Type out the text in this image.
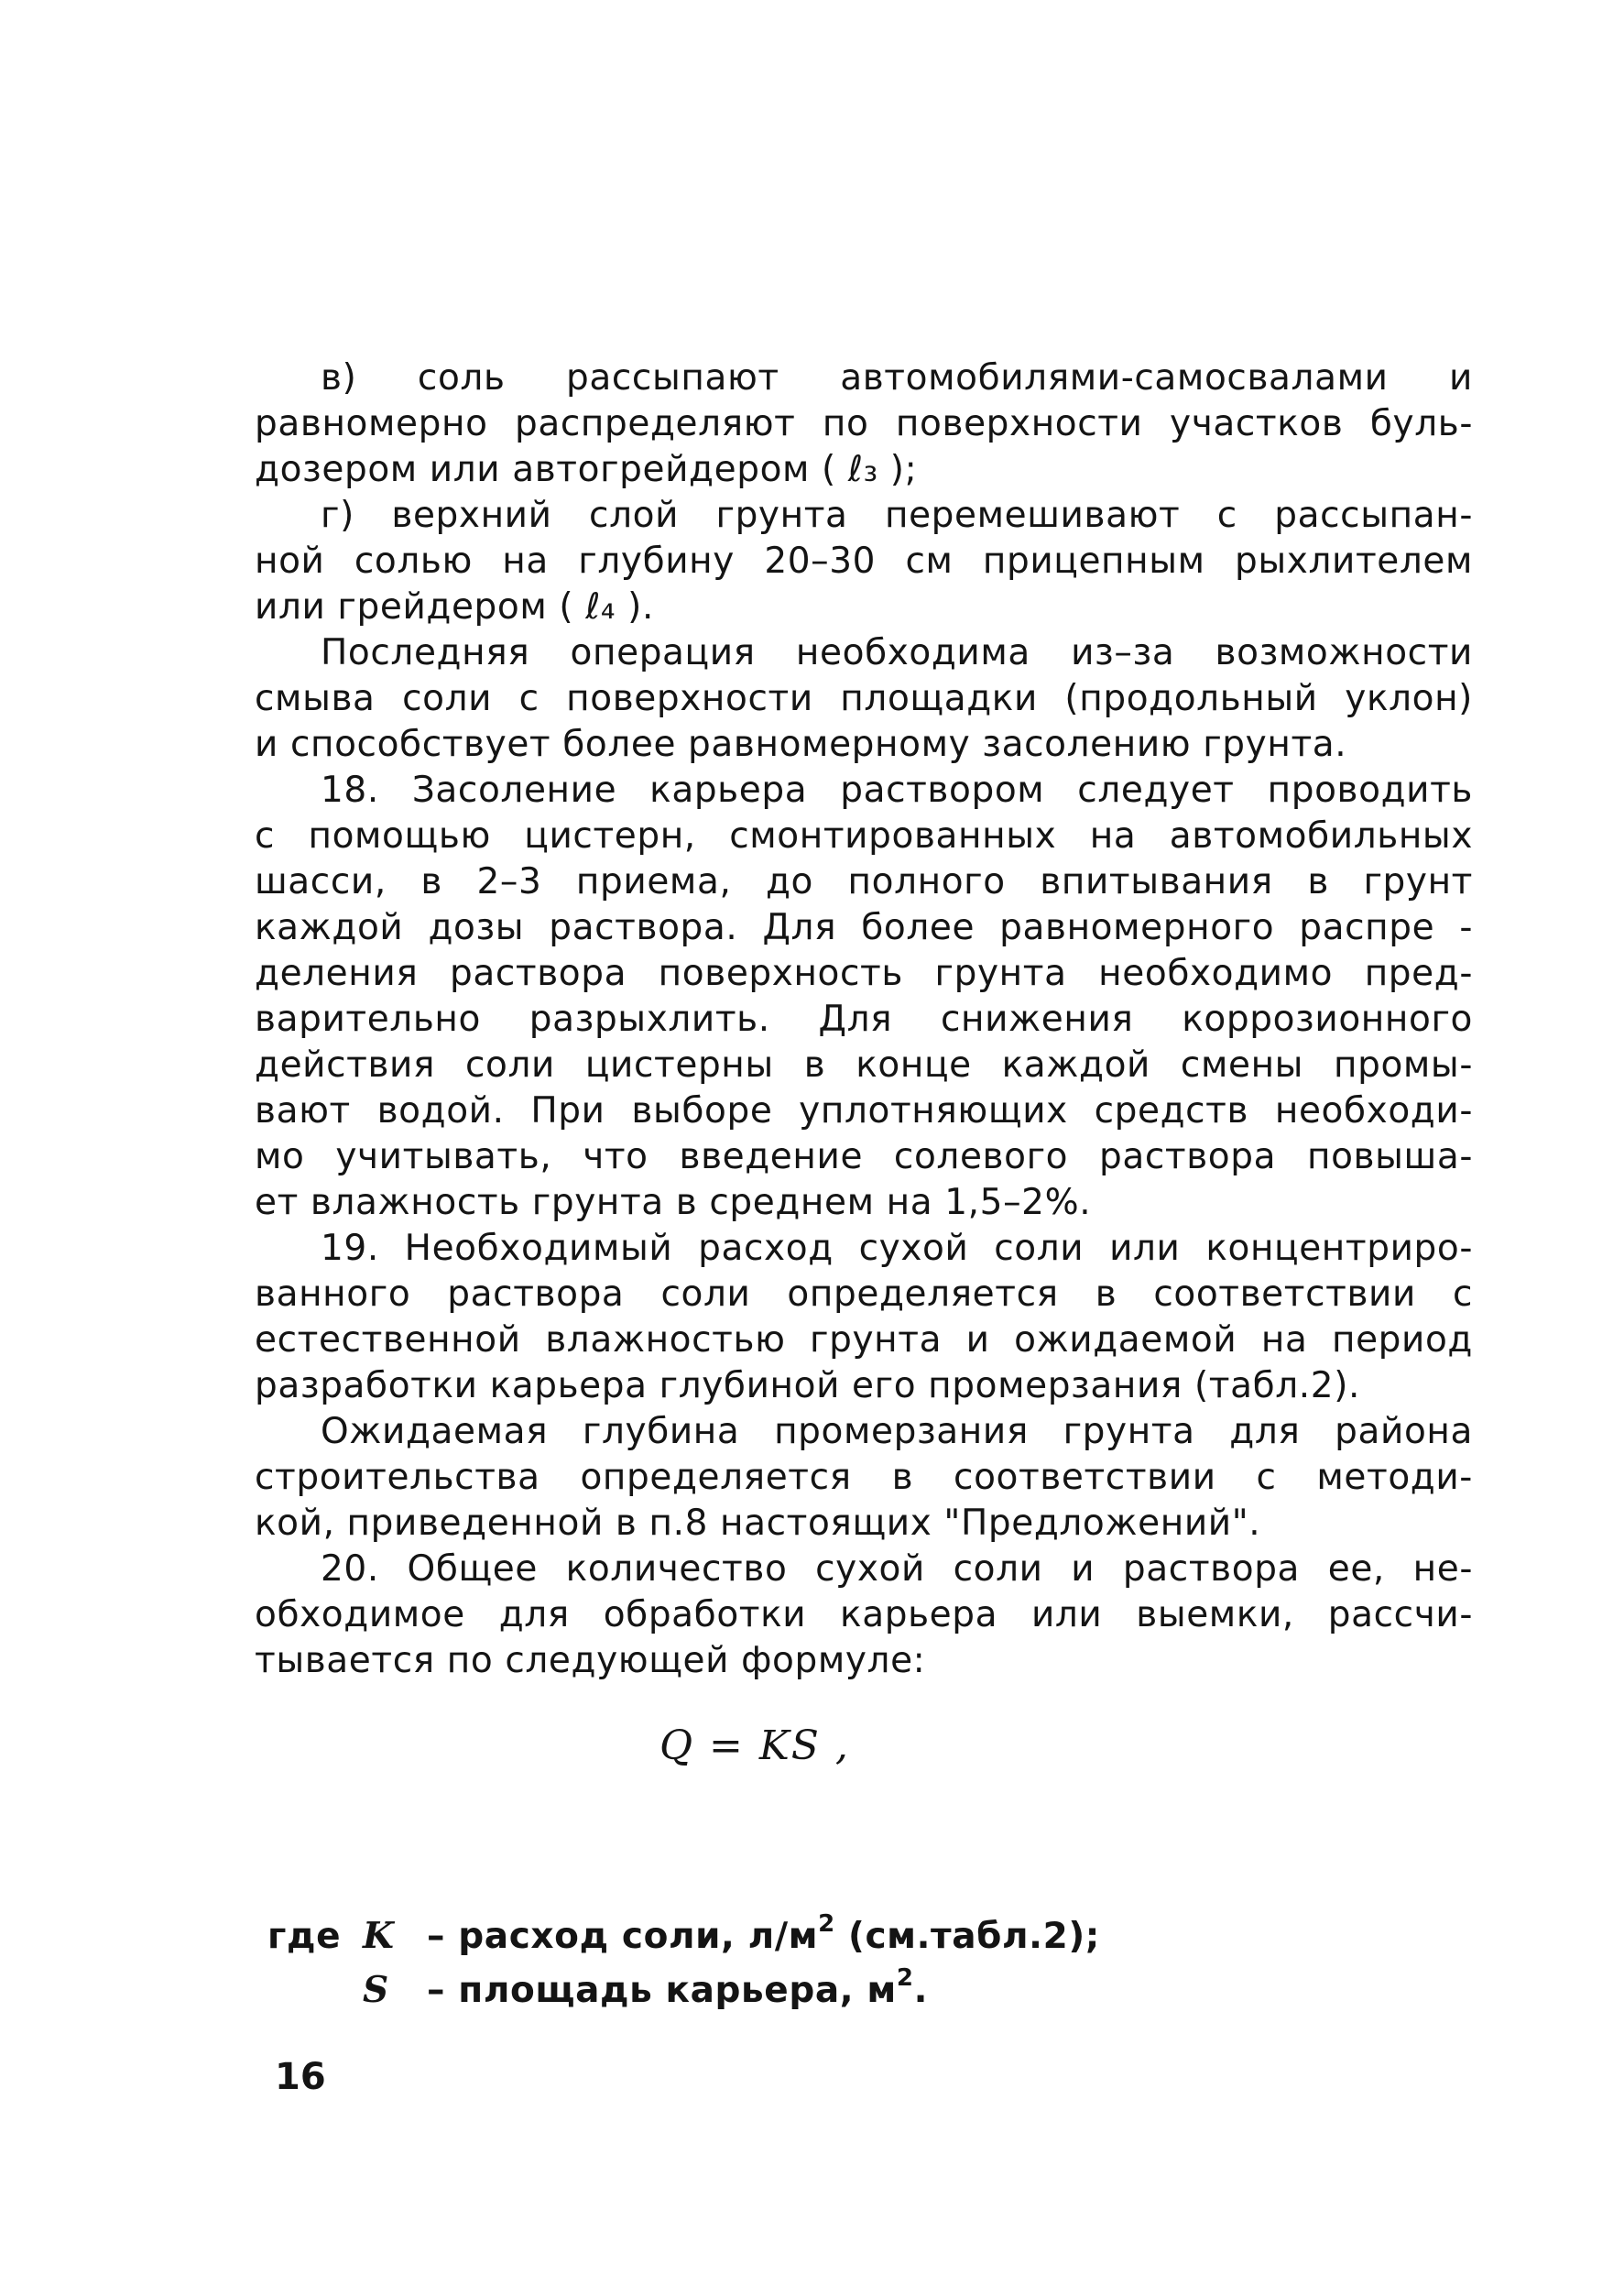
в) соль рассыпают автомобилями-самосвалами и
равномерно распределяют по поверхности участков буль-
дозером или автогрейдером ( ℓ₃ );
г) верхний слой грунта перемешивают с рассыпан-
ной солью на глубину 20–30 см прицепным рыхлителем
или грейдером ( ℓ₄ ).
Последняя операция необходима из–за возможности
смыва соли с поверхности площадки (продольный уклон)
и способствует более равномерному засолению грунта.
18. Засоление карьера раствором следует проводить
с помощью цистерн, смонтированных на автомобильных
шасси, в 2–3 приема, до полного впитывания в грунт
каждой дозы раствора. Для более равномерного распре -
деления раствора поверхность грунта необходимо пред-
варительно разрыхлить. Для снижения коррозионного
действия соли цистерны в конце каждой смены промы-
вают водой. При выборе уплотняющих средств необходи-
мо учитывать, что введение солевого раствора повыша-
ет влажность грунта в среднем на 1,5–2%.
19. Необходимый расход сухой соли или концентриро-
ванного раствора соли определяется в соответствии с
естественной влажностью грунта и ожидаемой на период
разработки карьера глубиной его промерзания (табл.2).
Ожидаемая глубина промерзания грунта для района
строительства определяется в соответствии с методи-
кой, приведенной в п.8 настоящих "Предложений".
20. Общее количество сухой соли и раствора ее, не-
обходимое для обработки карьера или выемки, рассчи-
тывается по следующей формуле:
Q = KS ,
где K – расход соли, $л/м^2$ (см.табл.2);
S – площадь карьера, $м^2$.
16
